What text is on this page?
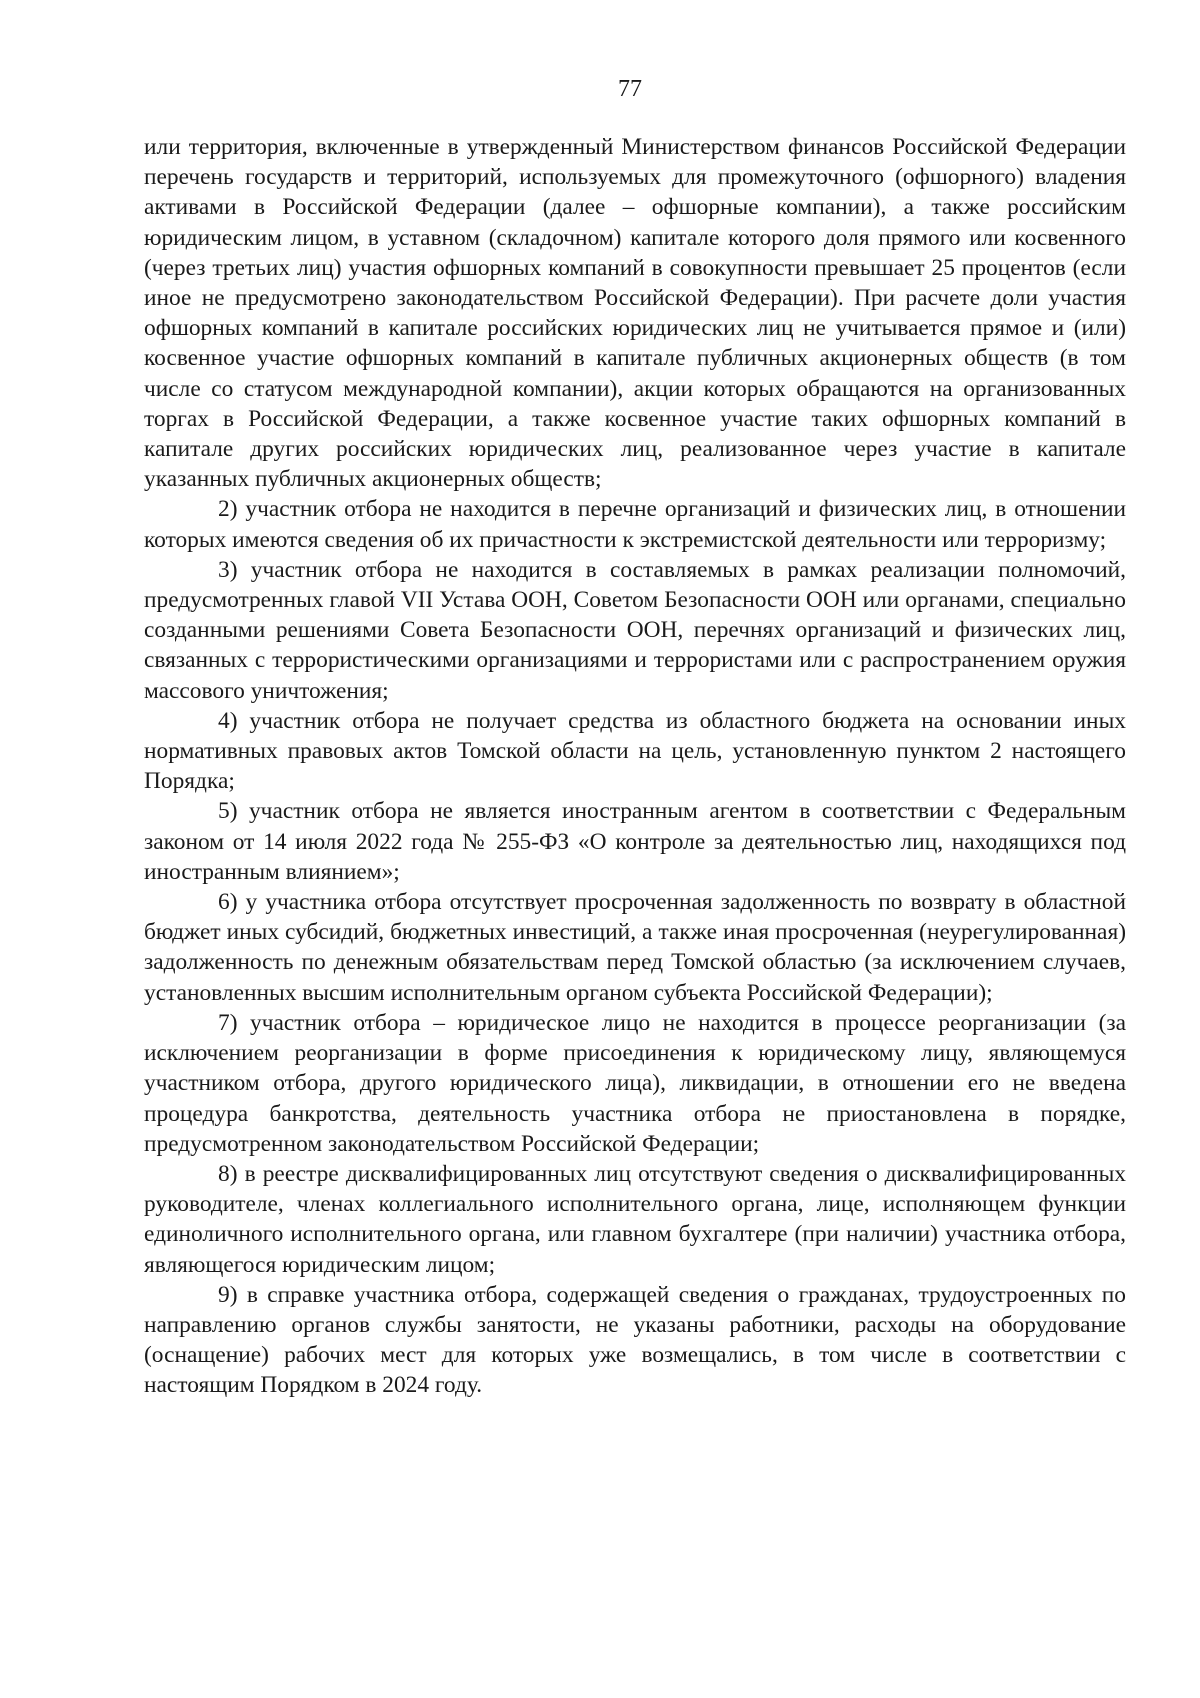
77

или территория, включенные в утвержденный Министерством финансов Российской Федерации перечень государств и территорий, используемых для промежуточного (офшорного) владения активами в Российской Федерации (далее – офшорные компании), а также российским юридическим лицом, в уставном (складочном) капитале которого доля прямого или косвенного (через третьих лиц) участия офшорных компаний в совокупности превышает 25 процентов (если иное не предусмотрено законодательством Российской Федерации). При расчете доли участия офшорных компаний в капитале российских юридических лиц не учитывается прямое и (или) косвенное участие офшорных компаний в капитале публичных акционерных обществ (в том числе со статусом международной компании), акции которых обращаются на организованных торгах в Российской Федерации, а также косвенное участие таких офшорных компаний в капитале других российских юридических лиц, реализованное через участие в капитале указанных публичных акционерных обществ;

2) участник отбора не находится в перечне организаций и физических лиц, в отношении которых имеются сведения об их причастности к экстремистской деятельности или терроризму;

3) участник отбора не находится в составляемых в рамках реализации полномочий, предусмотренных главой VII Устава ООН, Советом Безопасности ООН или органами, специально созданными решениями Совета Безопасности ООН, перечнях организаций и физических лиц, связанных с террористическими организациями и террористами или с распространением оружия массового уничтожения;

4) участник отбора не получает средства из областного бюджета на основании иных нормативных правовых актов Томской области на цель, установленную пунктом 2 настоящего Порядка;

5) участник отбора не является иностранным агентом в соответствии с Федеральным законом от 14 июля 2022 года № 255-ФЗ «О контроле за деятельностью лиц, находящихся под иностранным влиянием»;

6) у участника отбора отсутствует просроченная задолженность по возврату в областной бюджет иных субсидий, бюджетных инвестиций, а также иная просроченная (неурегулированная) задолженность по денежным обязательствам перед Томской областью (за исключением случаев, установленных высшим исполнительным органом субъекта Российской Федерации);

7) участник отбора – юридическое лицо не находится в процессе реорганизации (за исключением реорганизации в форме присоединения к юридическому лицу, являющемуся участником отбора, другого юридического лица), ликвидации, в отношении его не введена процедура банкротства, деятельность участника отбора не приостановлена в порядке, предусмотренном законодательством Российской Федерации;

8) в реестре дисквалифицированных лиц отсутствуют сведения о дисквалифицированных руководителе, членах коллегиального исполнительного органа, лице, исполняющем функции единоличного исполнительного органа, или главном бухгалтере (при наличии) участника отбора, являющегося юридическим лицом;

9) в справке участника отбора, содержащей сведения о гражданах, трудоустроенных по направлению органов службы занятости, не указаны работники, расходы на оборудование (оснащение) рабочих мест для которых уже возмещались, в том числе в соответствии с настоящим Порядком в 2024 году.
